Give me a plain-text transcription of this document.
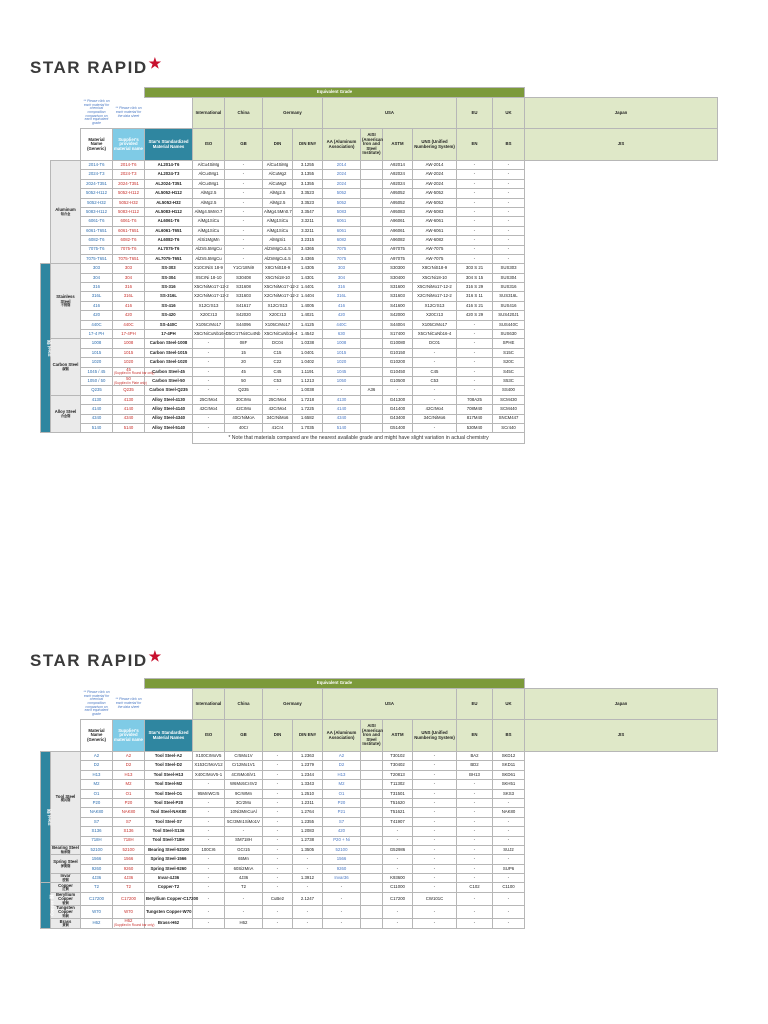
STAR RAPID★
STAR RAPID★
				Equivalent Grade											
		** Please click on each material for chemical composition comparison on each equivalent grade	** Please click on each material for the data sheet		International	China	Germany		USA				EU	UK	Japan

		Material Name (Generic)	Supplier's provided material name	Star's Standardized Material Names	ISO	GB	DIN	DIN EN#	AA (Aluminum Association)	AISI (American Iron and Steel Institute)	ASTM	UNS (Unified Numbering System)	EN	BS	JIS
	Aluminum
铝合金	2014-T6	2014-T6	AL2014-T6	AlCu4SiMg	-	AlCu4SiMg	3.1255	2014		A92014	AW-2014	-	-	
		2024-T3	2024-T3	AL2024-T3	AlCu4Mg1	-	AlCuMg2	3.1355	2024		A92024	AW-2024	-	-	
		2024-T351	2024-T351	AL2024-T351	AlCu4Mg1	-	AlCuMg2	3.1355	2024		A92024	AW-2024	-	-	
		5052-H112	5052-H112	AL5052-H112	AlMg2.5	-	AlMg2.5	3.3523	5052		A95052	AW-5052	-	-	
		5052-H32	5052-H32	AL5052-H32	AlMg2.5	-	AlMg2.5	3.3523	5052		A95052	AW-5052	-	-	
		5083-H112	5083-H112	AL5083-H112	AlMg4.5Mn0.7	-	AlMg4.5Mn0.7	3.3547	5083		A95083	AW-5083	-	-	
		6061-T6	6061-T6	AL6061-T6	AlMg1SiCu	-	AlMg1SiCu	3.3211	6061		A96061	AW-6061	-	-	
		6061-T651	6061-T651	AL6061-T651	AlMg1SiCu	-	AlMg1SiCu	3.3211	6061		A96061	AW-6061	-	-	
		6082-T6	6082-T6	AL6082-T6	AlSi1MgMn	-	AlMgSi1	3.2315	6082		A96082	AW-6082	-	-	
		7075-T6	7075-T6	AL7075-T6	AlZn5.5MgCu	-	AlZnMgCu1.5	3.4365	7075		A97075	AW-7075	-	-	
		7075-T651	7075-T651	AL7075-T651	AlZn5.5MgCu	-	AlZnMgCu1.5	3.4365	7075		A97075	AW-7075	-	-	
Steel 钢	Stainless Steel
不锈钢	303	303	SS-303	X10CrNiS 18-9	Y1Cr18Ni9	X8CrNiS18-9	1.4305	303		S30300	X8CrNiS18-9	303 S 21	SUS303	
		304	304	SS-304	X5CrNi 18-10	S30408	X5CrNi18-10	1.4301	304		S30400	X5CrNi18-10	304 S 15	SUS304	
		316	316	SS-316	X5CrNiMo17-12-2	S31608	X5CrNiMo17-12-2	1.4401	316		S31600	X5CrNiMo17-12-2	316 S 29	SUS316	
		316L	316L	SS-316L	X2CrNiMo17-12-2	S31603	X2CrNiMo17-12-2	1.4404	316L		S31603	X2CrNiMo17-12-2	316 S 11	SUS316L	
		416	416	SS-416	X12CrS13	S41617	X12CrS13	1.4005	416		S41600	X12CrS13	416 S 21	SUS416	
		420	420	SS-420	X20Cr13	S42020	X20Cr13	1.4021	420		S42000	X20Cr13	420 S 29	SUS420J1	
		440C	440C	SS-440C	X105CrMo17	S44096	X105CrMo17	1.4125	440C		S44004	X105CrMo17	-	SUS440C	
		17-4 PH	17-4PH	17-4PH	X5CrNiCuNb16-4	05Cr17Ni4Cu4Nb	X5CrNiCuNb16-4	1.4542	630		S17400	X5CrNiCuNb16-4	-	SUS630	
	Carbon Steel
碳钢	1008	1008	Carbon Steel-1008	-	08F	DC04	1.0338	1008		G10080	DC01	-	SPHE	
		1015	1015	Carbon Steel-1015	-	15	C15	1.0401	1015		G10150	-	-	S15C	
		1020	1020	Carbon Steel-1020	-	20	C22	1.0402	1020		G10200	-	-	S20C	
		1045 / 45	45
(Supplied in Round bar only)	Carbon Steel-45	-	45	C45	1.1191	1045		G10450	C45	-	S45C	
		1050 / 50	50
(Supplied in Plate only)	Carbon Steel-50	-	50	C53	1.1213	1050		G10500	C53	-	S53C	
		Q235	Q235	Carbon Steel-Q235	-	Q235	-	1.0038	-	A36	-	-	-	SS400	
	Alloy Steel
合金钢	4130	4130	Alloy Steel-4130	25CrMo4	30CrMo	25CrMo4	1.7218	4130		G41300	-	708A25	SCM430	
		4140	4140	Alloy Steel-4140	42CrMo4	42CrMo	42CrMo4	1.7225	4140		G41400	42CrMo4	708M40	SCM440	
		4340	4340	Alloy Steel-4340	-	40CrNiMoA	34CrNiMo6	1.6582	4340		G43400	34CrNiMo6	817M40	SNCM447	
		5140	5140	Alloy Steel-5140	-	40Cr	41Cr4	1.7035	5140		G51400	-	530M40	SCr440	
					* Note that materials compared are the nearest available grade and might have slight variation in actual chemistry										
				Equivalent Grade											
		** Please click on each material for chemical composition comparison on each equivalent grade	** Please click on each material for the data sheet		International	China	Germany		USA				EU	UK	Japan

		Material Name (Generic)	Supplier's provided material name	Star's Standardized Material Names	ISO	GB	DIN	DIN EN#	AA (Aluminum Association)	AISI (American Iron and Steel Institute)	ASTM	UNS (Unified Numbering System)	EN	BS	JIS
Steel 钢	Tool Steel
模具钢	A2	A2	Tool Steel-A2	X100CrMoV5	Cr5Mo1V	-	1.2363	A2		T30102	-	BA2	SKD12	
		D2	D2	Tool Steel-D2	X153CrMoV12	Cr12Mo1V1	-	1.2379	D2		T30402	-	BD2	SKD11	
		H13	H13	Tool Steel-H13	X40CrMoV5-1	4Cr5MoSiV1	-	1.2344	H13		T20813	-	BH13	SKD61	
		M2	M2	Tool Steel-M2	-	W6Mo5Cr4V2	-	1.3343	M2		T11302	-	-	SKH51	
		O1	O1	Tool Steel-O1	95MnWCr5	9CrWMn	-	1.2510	O1		T31501	-	-	SKS3	
		P20	P20	Tool Steel-P20	-	3Cr2Mo	-	1.2311	P20		T51620	-	-	-	
		NAK80	NAK80	Tool Steel-NAK80	-	10Ni3MnCuAl	-	1.2764	P21		T51621	-	-	NAK80	
		S7	S7	Tool Steel-S7	-	5Cr3Mn1SiMo1V	-	1.2355	S7		T41907	-	-	-	
		S136	S136	Tool Steel-S136	-	-	-	1.2083	420		-	-	-	-	
		718H	718H	Tool Steel-718H	-	SM718H	-	1.2738	P20 + Ni		-	-	-	-	
	Bearing Steel
轴承钢	52100	52100	Bearing Steel-52100	100Cr6	GCr15	-	1.3505	52100		G52986	-	-	SUJ2	
	Spring Steel
弹簧钢	1566	1566	Spring Steel-1566	-	65Mn	-	-	1566		-	-	-	-	
		9260	9260	Spring Steel-9260	-	60Si2MnA	-	-	9260		-	-	-	SUP6	
	Invar
殷钢	4J36	4J36	Invar-4J36	-	4J36	-	1.3912	Invar36		K93600	-	-	-	
Copper 铜	Copper
红铜	T2	T2	Copper-T2	-	T2	-	-	-		C11000	-	C102	C1100	
	Beryllium Copper
铍铜	C17200	C17200	Beryllium Copper-C17200	-	-	CuBe2	2.1247	-		C17200	CW101C	-	-	
	Tungsten Copper
钨铜	W70	W70	Tungsten Copper-W70	-	-	-	-	-		-	-	-	-	
	Brass
黄铜	H62	H62
(Supplied in Round bar only)	Brass-H62	-	H62	-	-	-		-	-	-	-	
